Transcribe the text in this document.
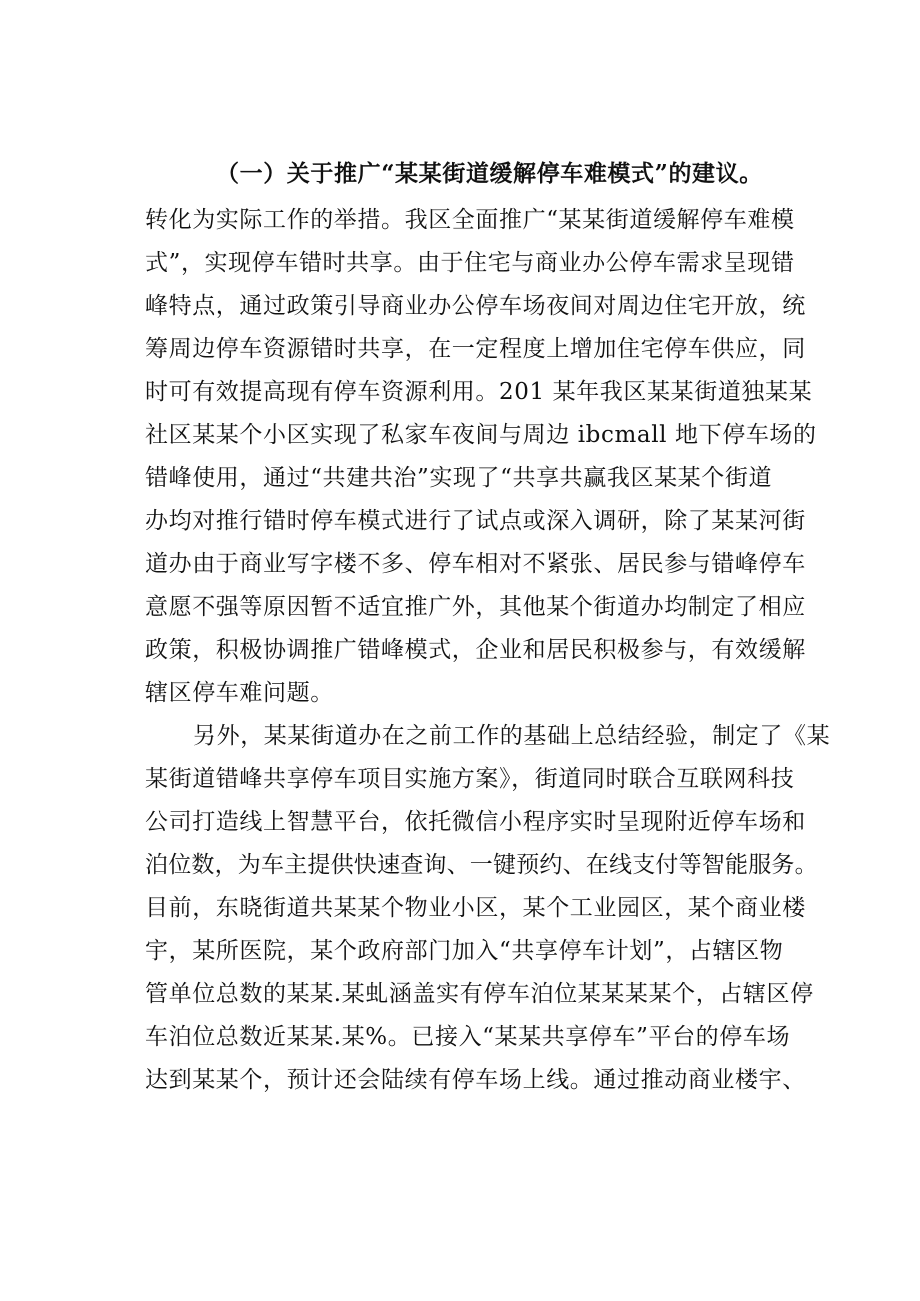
（一）关于推广“某某街道缓解停车难模式”的建议。

转化为实际工作的举措。我区全面推广“某某街道缓解停车难模

式”，实现停车错时共享。由于住宅与商业办公停车需求呈现错

峰特点，通过政策引导商业办公停车场夜间对周边住宅开放，统

筹周边停车资源错时共享，在一定程度上增加住宅停车供应，同

时可有效提高现有停车资源利用。201 某年我区某某街道独某某

社区某某个小区实现了私家车夜间与周边 ibcmall 地下停车场的

错峰使用，通过“共建共治”实现了“共享共赢我区某某个街道

办均对推行错时停车模式进行了试点或深入调研，除了某某河街

道办由于商业写字楼不多、停车相对不紧张、居民参与错峰停车

意愿不强等原因暂不适宜推广外，其他某个街道办均制定了相应

政策，积极协调推广错峰模式，企业和居民积极参与，有效缓解

辖区停车难问题。

另外，某某街道办在之前工作的基础上总结经验，制定了《某

某街道错峰共享停车项目实施方案》，街道同时联合互联网科技

公司打造线上智慧平台，依托微信小程序实时呈现附近停车场和

泊位数，为车主提供快速查询、一键预约、在线支付等智能服务。

目前，东晓街道共某某个物业小区，某个工业园区，某个商业楼

宇，某所医院，某个政府部门加入“共享停车计划”，占辖区物

管单位总数的某某.某虬涵盖实有停车泊位某某某某个，占辖区停

车泊位总数近某某.某%。已接入“某某共享停车”平台的停车场

达到某某个，预计还会陆续有停车场上线。通过推动商业楼宇、
